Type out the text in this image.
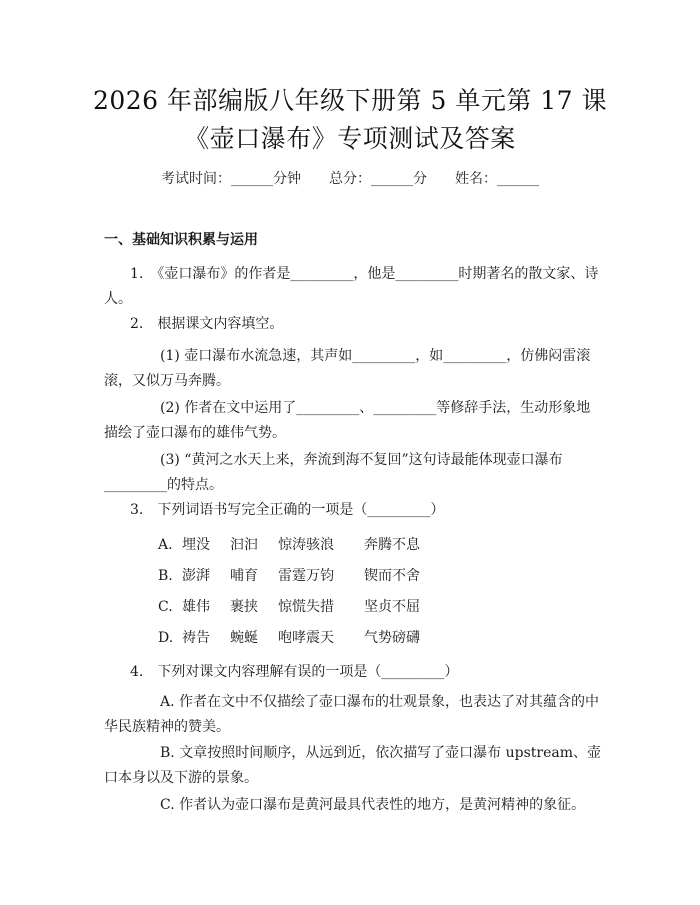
2026 年部编版八年级下册第 5 单元第 17 课
《壶口瀑布》专项测试及答案
考试时间：______分钟 总分：______分 姓名：______
一、基础知识积累与运用

1.　《壶口瀑布》的作者是_________，他是_________时期著名的散文家、诗人。

2.　根据课文内容填空。

(1) 壶口瀑布水流急速，其声如_________，如_________，仿佛闷雷滚滚，又似万马奔腾。

(2) 作者在文中运用了_________、_________等修辞手法，生动形象地描绘了壶口瀑布的雄伟气势。

(3) “黄河之水天上来，奔流到海不复回”这句诗最能体现壶口瀑布_________的特点。

3.　下列词语书写完全正确的一项是（_________）

A. 埋没 汩汩 惊涛骇浪 奔腾不息
B. 澎湃 哺育 雷霆万钧 锲而不舍
C. 雄伟 裹挟 惊慌失措 坚贞不屈
D. 祷告 蜿蜒 咆哮震天 气势磅礴

4.　下列对课文内容理解有误的一项是（_________）

A. 作者在文中不仅描绘了壶口瀑布的壮观景象，也表达了对其蕴含的中华民族精神的赞美。

B. 文章按照时间顺序，从远到近，依次描写了壶口瀑布 upstream、壶口本身以及下游的景象。

C. 作者认为壶口瀑布是黄河最具代表性的地方，是黄河精神的象征。
